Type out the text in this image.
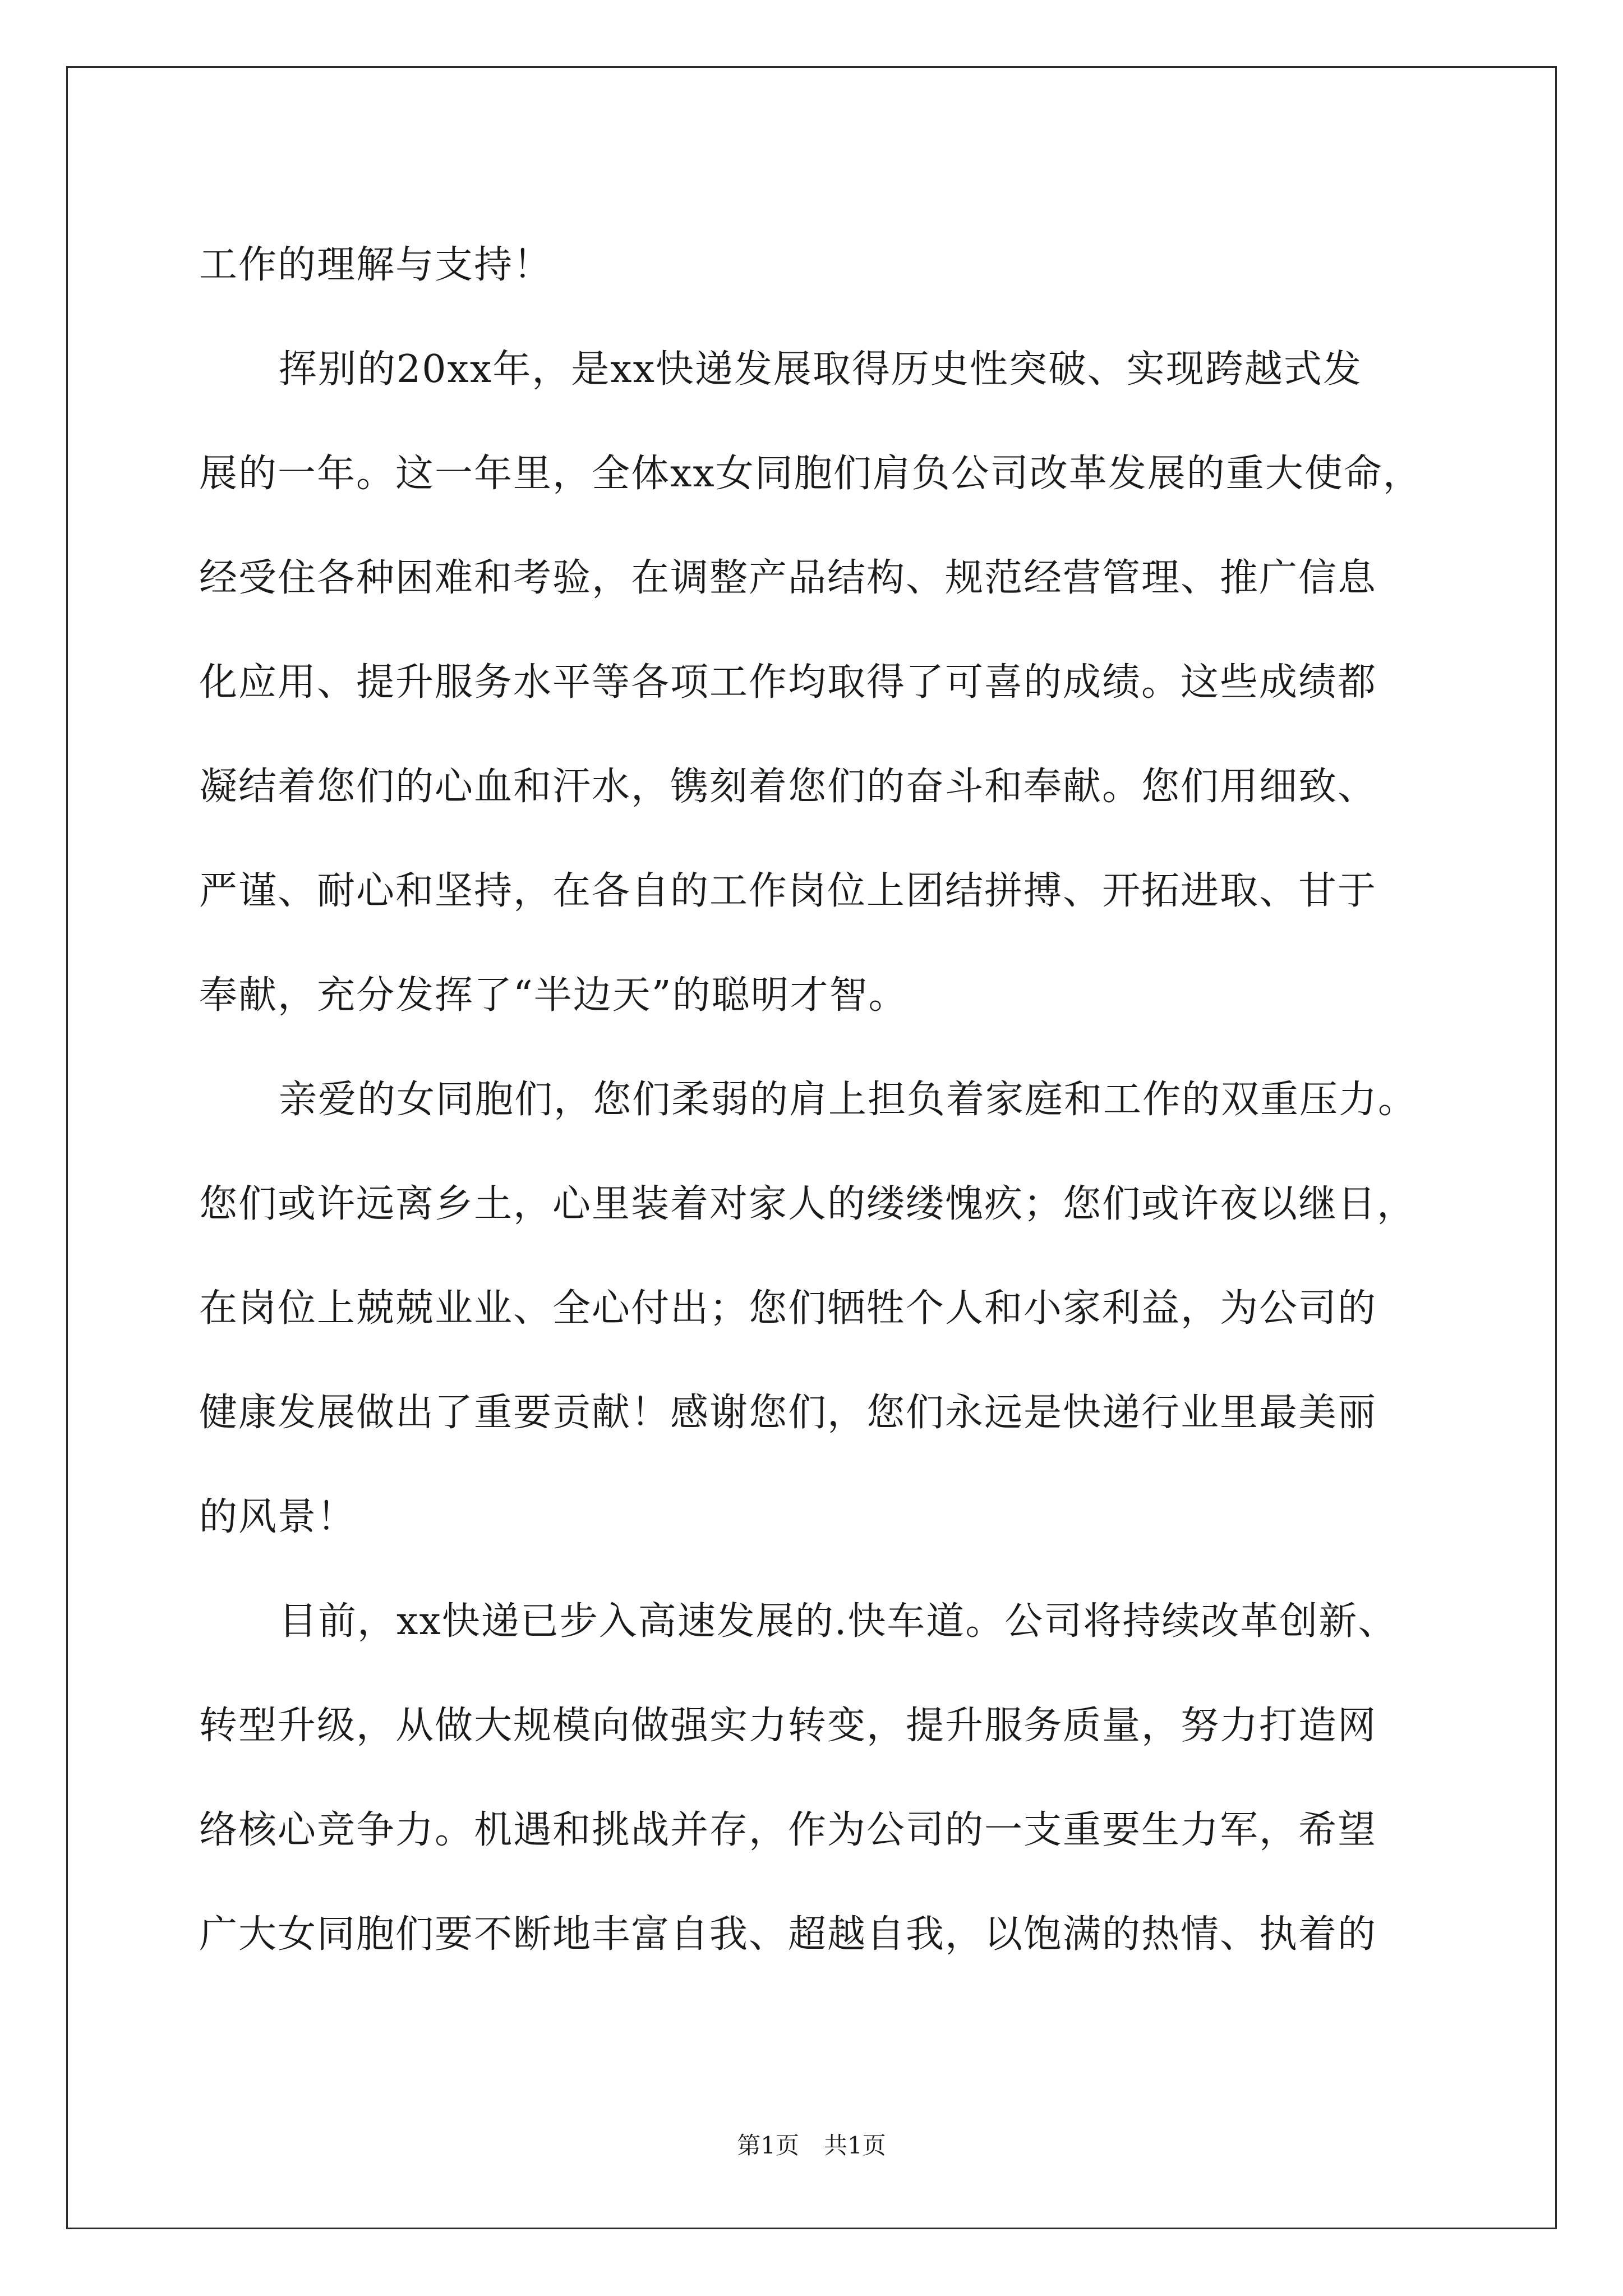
工作的理解与支持！
挥别的20xx年，是xx快递发展取得历史性突破、实现跨越式发
展的一年。这一年里，全体xx女同胞们肩负公司改革发展的重大使命，
经受住各种困难和考验，在调整产品结构、规范经营管理、推广信息
化应用、提升服务水平等各项工作均取得了可喜的成绩。这些成绩都
凝结着您们的心血和汗水，镌刻着您们的奋斗和奉献。您们用细致、
严谨、耐心和坚持，在各自的工作岗位上团结拼搏、开拓进取、甘于
奉献，充分发挥了“半边天”的聪明才智。
亲爱的女同胞们，您们柔弱的肩上担负着家庭和工作的双重压力。
您们或许远离乡土，心里装着对家人的缕缕愧疚；您们或许夜以继日，
在岗位上兢兢业业、全心付出；您们牺牲个人和小家利益，为公司的
健康发展做出了重要贡献！感谢您们，您们永远是快递行业里最美丽
的风景！
目前，xx快递已步入高速发展的.快车道。公司将持续改革创新、
转型升级，从做大规模向做强实力转变，提升服务质量，努力打造网
络核心竞争力。机遇和挑战并存，作为公司的一支重要生力军，希望
广大女同胞们要不断地丰富自我、超越自我，以饱满的热情、执着的
第1页 共1页
